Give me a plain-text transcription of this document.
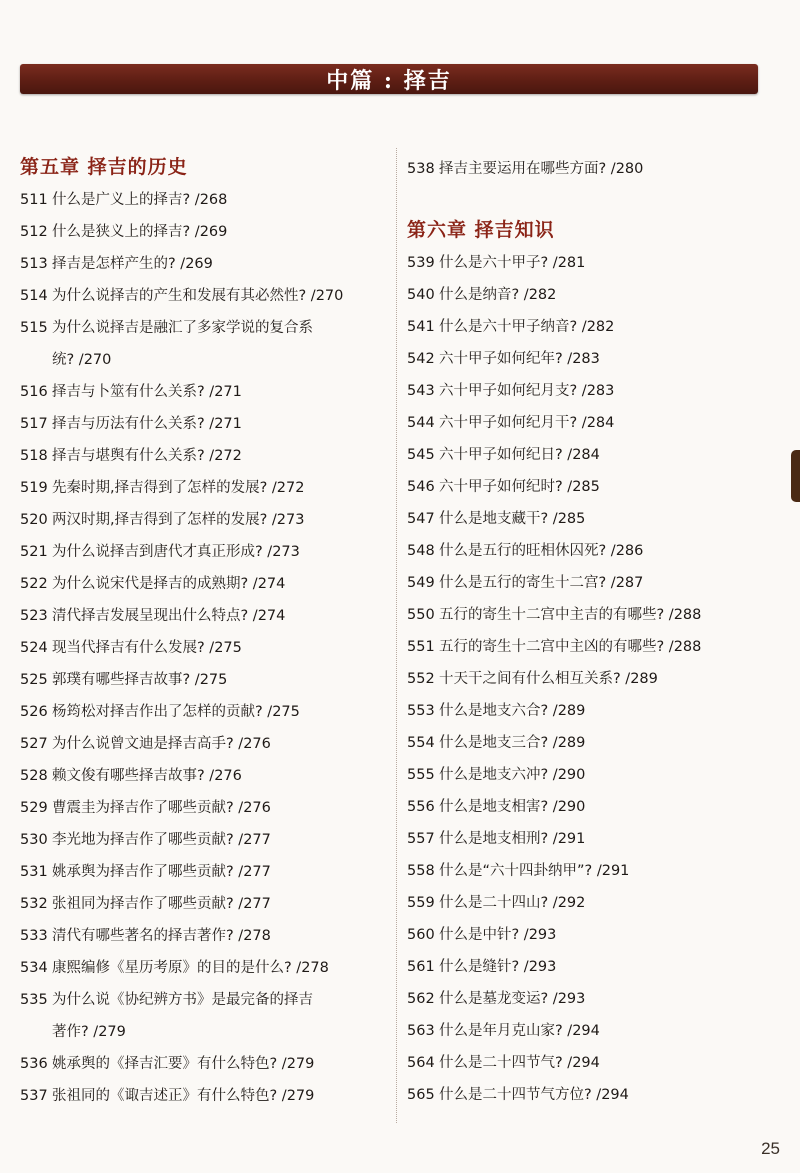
中篇 : 择吉
第五章 择吉的历史
511 什么是广义上的择吉? /268
512 什么是狭义上的择吉? /269
513 择吉是怎样产生的? /269
514 为什么说择吉的产生和发展有其必然性? /270
515 为什么说择吉是融汇了多家学说的复合系
统? /270
516 择吉与卜筮有什么关系? /271
517 择吉与历法有什么关系? /271
518 择吉与堪舆有什么关系? /272
519 先秦时期,择吉得到了怎样的发展? /272
520 两汉时期,择吉得到了怎样的发展? /273
521 为什么说择吉到唐代才真正形成? /273
522 为什么说宋代是择吉的成熟期? /274
523 清代择吉发展呈现出什么特点? /274
524 现当代择吉有什么发展? /275
525 郭璞有哪些择吉故事? /275
526 杨筠松对择吉作出了怎样的贡献? /275
527 为什么说曾文迪是择吉高手? /276
528 赖文俊有哪些择吉故事? /276
529 曹震圭为择吉作了哪些贡献? /276
530 李光地为择吉作了哪些贡献? /277
531 姚承舆为择吉作了哪些贡献? /277
532 张祖同为择吉作了哪些贡献? /277
533 清代有哪些著名的择吉著作? /278
534 康熙编修《星历考原》的目的是什么? /278
535 为什么说《协纪辨方书》是最完备的择吉
著作? /279
536 姚承舆的《择吉汇要》有什么特色? /279
537 张祖同的《诹吉述正》有什么特色? /279
538 择吉主要运用在哪些方面? /280
第六章 择吉知识
539 什么是六十甲子? /281
540 什么是纳音? /282
541 什么是六十甲子纳音? /282
542 六十甲子如何纪年? /283
543 六十甲子如何纪月支? /283
544 六十甲子如何纪月干? /284
545 六十甲子如何纪日? /284
546 六十甲子如何纪时? /285
547 什么是地支藏干? /285
548 什么是五行的旺相休囚死? /286
549 什么是五行的寄生十二宫? /287
550 五行的寄生十二宫中主吉的有哪些? /288
551 五行的寄生十二宫中主凶的有哪些? /288
552 十天干之间有什么相互关系? /289
553 什么是地支六合? /289
554 什么是地支三合? /289
555 什么是地支六冲? /290
556 什么是地支相害? /290
557 什么是地支相刑? /291
558 什么是“六十四卦纳甲”? /291
559 什么是二十四山? /292
560 什么是中针? /293
561 什么是缝针? /293
562 什么是墓龙变运? /293
563 什么是年月克山家? /294
564 什么是二十四节气? /294
565 什么是二十四节气方位? /294
25
